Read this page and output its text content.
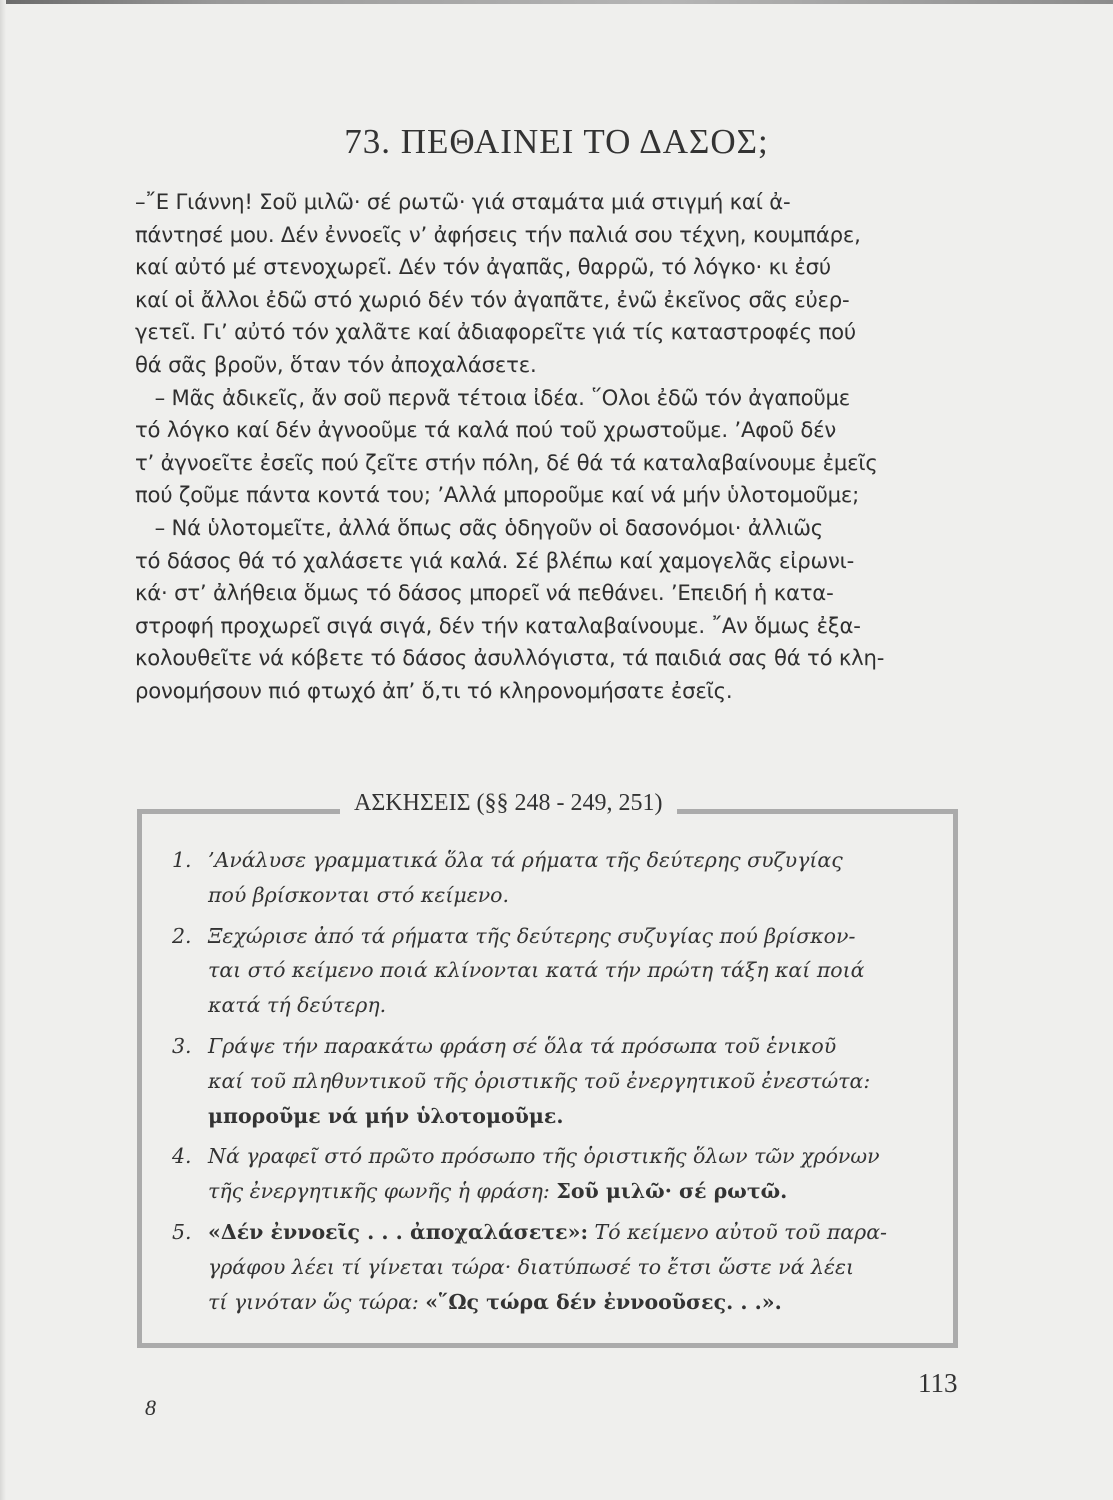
73. ΠΕΘΑΙΝΕΙ ΤΟ ΔΑΣΟΣ;
–῎Ε Γιάννη! Σοῦ μιλῶ· σέ ρωτῶ· γιά σταμάτα μιά στιγμή καί ἀ-
πάντησέ μου. Δέν ἐννοεῖς ν’ ἀφήσεις τήν παλιά σου τέχνη, κουμπάρε,
καί αὐτό μέ στενοχωρεῖ. Δέν τόν ἀγαπᾶς, θαρρῶ, τό λόγκο· κι ἐσύ
καί οἱ ἄλλοι ἐδῶ στό χωριό δέν τόν ἀγαπᾶτε, ἐνῶ ἐκεῖνος σᾶς εὐερ-
γετεῖ. Γι’ αὐτό τόν χαλᾶτε καί ἀδιαφορεῖτε γιά τίς καταστροφές πού
θά σᾶς βροῦν, ὅταν τόν ἀποχαλάσετε.
– Μᾶς ἀδικεῖς, ἄν σοῦ περνᾶ τέτοια ἰδέα. ῞Ολοι ἐδῶ τόν ἀγαποῦμε
τό λόγκο καί δέν ἀγνοοῦμε τά καλά πού τοῦ χρωστοῦμε. ’Αφοῦ δέν
τ’ ἀγνοεῖτε ἐσεῖς πού ζεῖτε στήν πόλη, δέ θά τά καταλαβαίνουμε ἐμεῖς
πού ζοῦμε πάντα κοντά του; ’Αλλά μποροῦμε καί νά μήν ὑλοτομοῦμε;
– Νά ὑλοτομεῖτε, ἀλλά ὅπως σᾶς ὁδηγοῦν οἱ δασονόμοι· ἀλλιῶς
τό δάσος θά τό χαλάσετε γιά καλά. Σέ βλέπω καί χαμογελᾶς εἰρωνι-
κά· στ’ ἀλήθεια ὅμως τό δάσος μπορεῖ νά πεθάνει. ’Επειδή ἡ κατα-
στροφή προχωρεῖ σιγά σιγά, δέν τήν καταλαβαίνουμε. ῎Αν ὅμως ἐξα-
κολουθεῖτε νά κόβετε τό δάσος ἀσυλλόγιστα, τά παιδιά σας θά τό κλη-
ρονομήσουν πιό φτωχό ἀπ’ ὅ,τι τό κληρονομήσατε ἐσεῖς.
ΑΣΚΗΣΕΙΣ (§§ 248 - 249, 251)
1. ’Ανάλυσε γραμματικά ὅλα τά ρήματα τῆς δεύτερης συζυγίας
πού βρίσκονται στό κείμενο.
2. Ξεχώρισε ἀπό τά ρήματα τῆς δεύτερης συζυγίας πού βρίσκον-
ται στό κείμενο ποιά κλίνονται κατά τήν πρώτη τάξη καί ποιά
κατά τή δεύτερη.
3. Γράψε τήν παρακάτω φράση σέ ὅλα τά πρόσωπα τοῦ ἑνικοῦ
καί τοῦ πληθυντικοῦ τῆς ὁριστικῆς τοῦ ἐνεργητικοῦ ἐνεστώτα:
μποροῦμε νά μήν ὑλοτομοῦμε.
4. Νά γραφεῖ στό πρῶτο πρόσωπο τῆς ὁριστικῆς ὅλων τῶν χρόνων
τῆς ἐνεργητικῆς φωνῆς ἡ φράση: Σοῦ μιλῶ· σέ ρωτῶ.
5. «Δέν ἐννοεῖς . . . ἀποχαλάσετε»: Τό κείμενο αὐτοῦ τοῦ παρα-
γράφου λέει τί γίνεται τώρα· διατύπωσέ το ἔτσι ὥστε νά λέει
τί γινόταν ὥς τώρα: «῞Ως τώρα δέν ἐννοοῦσες. . .».
8
113
